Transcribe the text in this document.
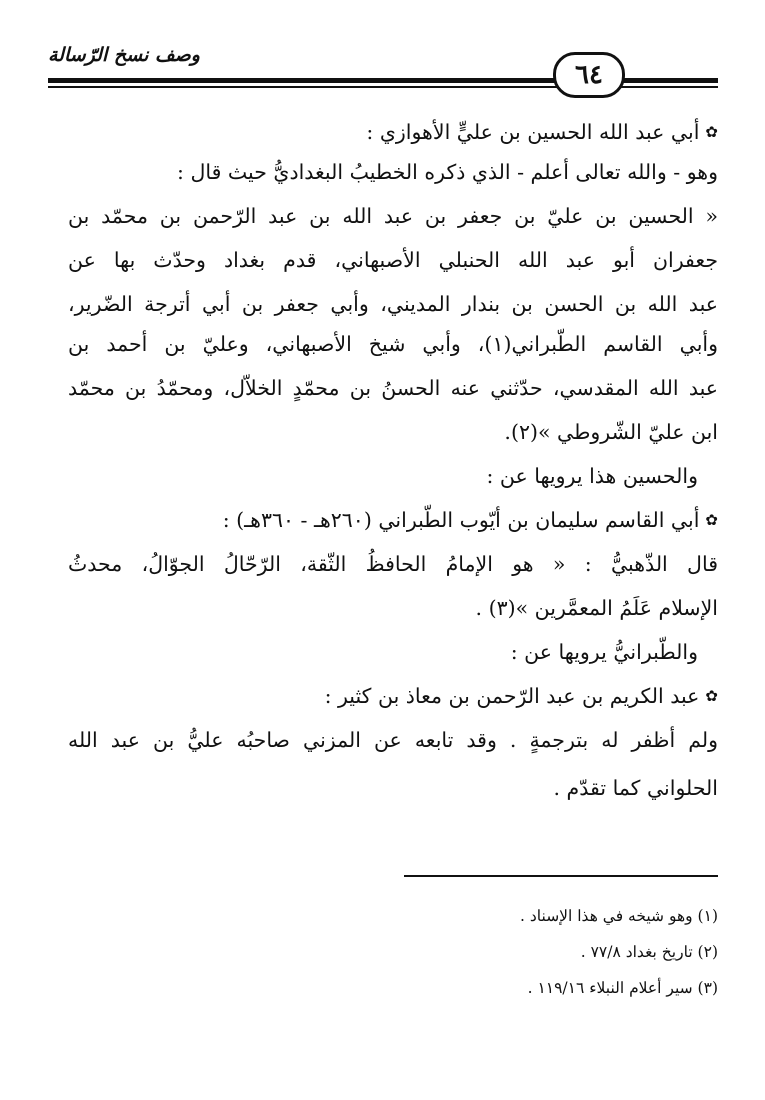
وصف نسخ الرّسالة
٦٤
✿أبي عبد الله الحسين بن عليٍّ الأهوازي :
وهو - والله تعالى أعلم - الذي ذكره الخطيبُ البغداديُّ حيث قال :
« الحسين بن عليّ بن جعفر بن عبد الله بن عبد الرّحمن بن محمّد بن
جعفران أبو عبد الله الحنبلي الأصبهاني، قدم بغداد وحدّث بها عن
عبد الله بن الحسن بن بندار المديني، وأبي جعفر بن أبي أترجة الضّرير،
وأبي القاسم الطّبراني(١)، وأبي شيخ الأصبهاني، وعليّ بن أحمد بن
عبد الله المقدسي، حدّثني عنه الحسنُ بن محمّدٍ الخلاّل، ومحمّدُ بن محمّد
ابن عليّ الشّروطي »(٢).
والحسين هذا يرويها عن :
✿أبي القاسم سليمان بن أيّوب الطّبراني (٢٦٠هـ - ٣٦٠هـ) :
قال الذّهبيُّ : « هو الإمامُ الحافظُ الثّقة، الرّحّالُ الجوّالُ، محدثُ
الإسلام عَلَمُ المعمَّرين »(٣) .
والطّبرانيُّ يرويها عن :
✿عبد الكريم بن عبد الرّحمن بن معاذ بن كثير :
ولم أظفر له بترجمةٍ . وقد تابعه عن المزني صاحبُه عليُّ بن عبد الله
الحلواني كما تقدّم .
(١) وهو شيخه في هذا الإسناد .
(٢) تاريخ بغداد ٧٧/٨ .
(٣) سير أعلام النبلاء ١١٩/١٦ .
